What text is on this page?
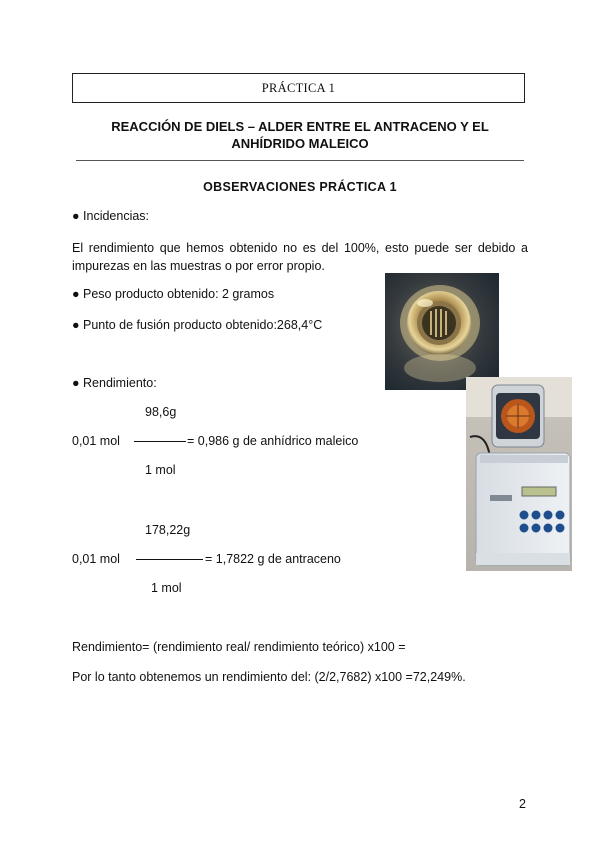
PRÁCTICA 1
REACCIÓN DE DIELS – ALDER ENTRE EL ANTRACENO Y EL
ANHÍDRIDO MALEICO
OBSERVACIONES PRÁCTICA 1
● Incidencias:
El rendimiento que hemos obtenido no es del 100%, esto puede ser debido a impurezas en las muestras o por error propio.
● Peso producto obtenido: 2 gramos
● Punto de fusión producto obtenido:268,4°C
● Rendimiento:
98,6g
0,01 mol	= 0,986 g de anhídrico maleico
1 mol
178,22g
0,01 mol	= 1,7822 g de antraceno
1 mol
Rendimiento= (rendimiento real/ rendimiento teórico) x100 =
Por lo tanto obtenemos un rendimiento del: (2/2,7682) x100 =72,249%.
2
